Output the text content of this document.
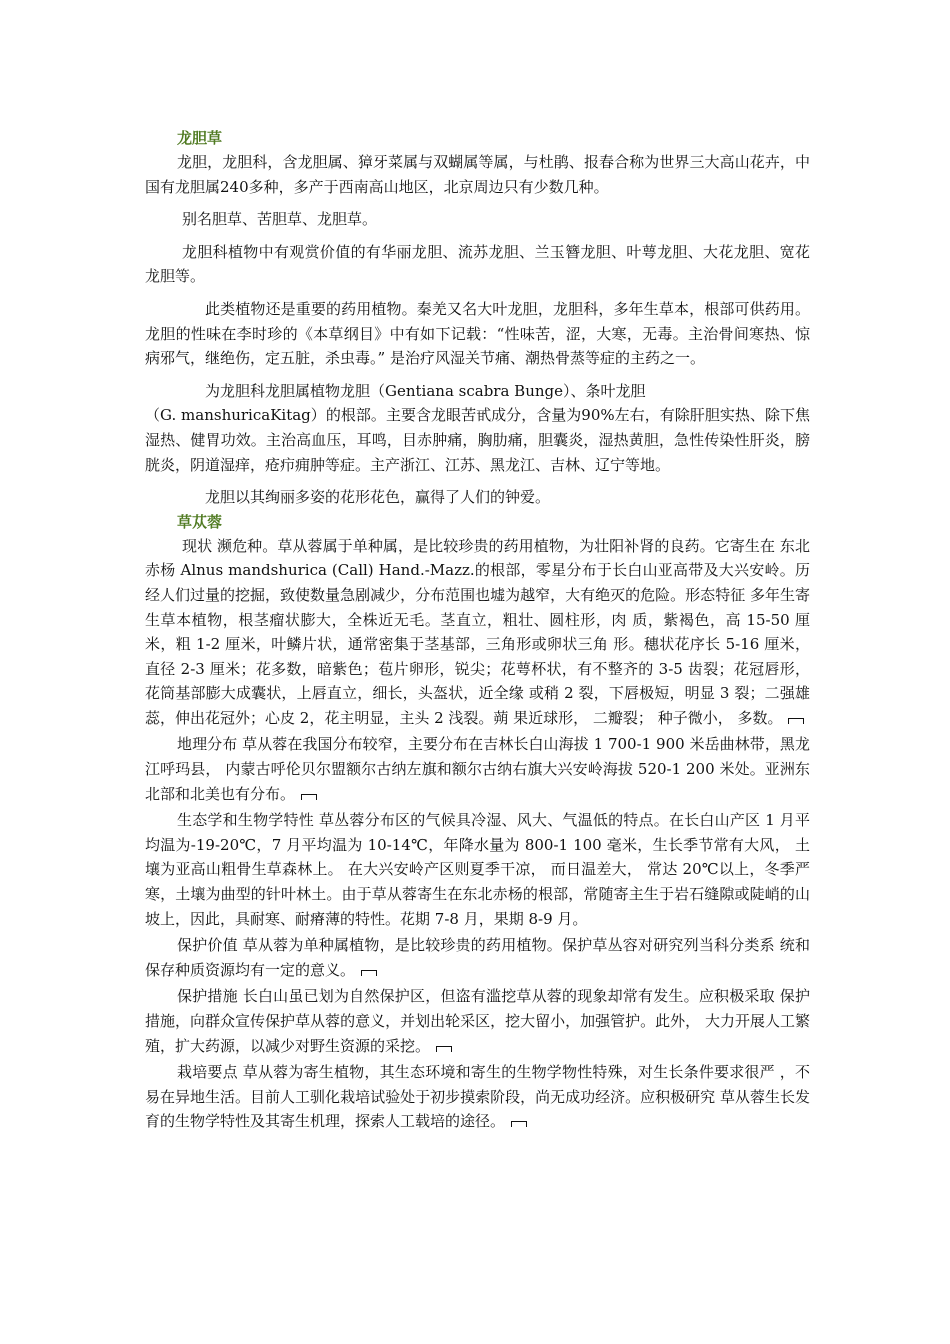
龙胆草

龙胆，龙胆科，含龙胆属、獐牙菜属与双蝴属等属，与杜鹃、报春合称为世界三大高山花卉，中国有龙胆属240多种，多产于西南高山地区，北京周边只有少数几种。

别名胆草、苦胆草、龙胆草。

龙胆科植物中有观赏价值的有华丽龙胆、流苏龙胆、兰玉簪龙胆、叶萼龙胆、大花龙胆、宽花龙胆等。

此类植物还是重要的药用植物。秦羌又名大叶龙胆，龙胆科，多年生草本，根部可供药用。龙胆的性味在李时珍的《本草纲目》中有如下记载：“性味苦，涩，大寒，无毒。主治骨间寒热、惊病邪气，继绝伤，定五脏，杀虫毒。” 是治疗风湿关节痛、潮热骨蒸等症的主药之一。

为龙胆科龙胆属植物龙胆（Gentiana scabra Bunge）、条叶龙胆

（G. manshuricaKitag）的根部。主要含龙眼苦甙成分，含量为90%左右，有除肝胆实热、除下焦湿热、健胃功效。主治高血压，耳鸣，目赤肿痛，胸肋痛，胆囊炎，湿热黄胆，急性传染性肝炎，膀胱炎，阴道湿痒，疮疖痈肿等症。主产浙江、江苏、黑龙江、吉林、辽宁等地。

龙胆以其绚丽多姿的花形花色，赢得了人们的钟爱。

草苁蓉

现状 濒危种。草从蓉属于单种属，是比较珍贵的药用植物，为壮阳补肾的良药。它寄生在 东北赤杨 Alnus mandshurica (Call) Hand.-Mazz.的根部，零星分布于长白山亚高带及大兴安岭。历经人们过量的挖掘，致使数量急剧减少，分布范围也墟为越窄，大有绝灭的危险。形态特征 多年生寄生草本植物，根茎瘤状膨大，全株近无毛。茎直立，粗壮、圆柱形，肉 质，紫褐色，高 15-50 厘米，粗 1-2 厘米，叶鳞片状，通常密集于茎基部，三角形或卵状三角 形。穗状花序长 5-16 厘米，直径 2-3 厘米；花多数，暗紫色；苞片卵形，锐尖；花萼杯状，有不整齐的 3-5 齿裂；花冠唇形，花筒基部膨大成囊状，上唇直立，细长，头盔状，近全缘 或稍 2 裂，下唇极短，明显 3 裂；二强雄蕊，伸出花冠外；心皮 2，花主明显，主头 2 浅裂。蒴 果近球形， 二瓣裂； 种子微小， 多数。

地理分布 草从蓉在我国分布较窄，主要分布在吉林长白山海拔 1 700-1 900 米岳曲林带，黑龙江呼玛县， 内蒙古呼伦贝尔盟额尔古纳左旗和额尔古纳右旗大兴安岭海拔 520-1 200 米处。亚洲东北部和北美也有分布。

生态学和生物学特性 草丛蓉分布区的气候具冷湿、风大、气温低的特点。在长白山产区 1 月平均温为-19-20℃，7 月平均温为 10-14℃，年降水量为 800-1 100 毫米，生长季节常有大风， 土壤为亚高山粗骨生草森林上。 在大兴安岭产区则夏季干凉， 而日温差大， 常达 20℃以上，冬季严寒，土壤为曲型的针叶林土。由于草从蓉寄生在东北赤杨的根部，常随寄主生于岩石缝隙或陡峭的山坡上，因此，具耐寒、耐瘠薄的特性。花期 7-8 月，果期 8-9 月。

保护价值 草从蓉为单种属植物，是比较珍贵的药用植物。保护草丛容对研究列当科分类系 统和保存种质资源均有一定的意义。

保护措施 长白山虽已划为自然保护区，但盗有滥挖草从蓉的现象却常有发生。应积极采取 保护措施，向群众宣传保护草从蓉的意义，并划出轮采区，挖大留小，加强管护。此外， 大力开展人工繁殖，扩大药源，以减少对野生资源的采挖。

栽培要点 草从蓉为寄生植物，其生态环境和寄生的生物学物性特殊，对生长条件要求很严 ，不易在异地生活。目前人工驯化栽培试验处于初步摸索阶段，尚无成功经济。应积极研究 草从蓉生长发育的生物学特性及其寄生机理，探索人工载培的途径。
